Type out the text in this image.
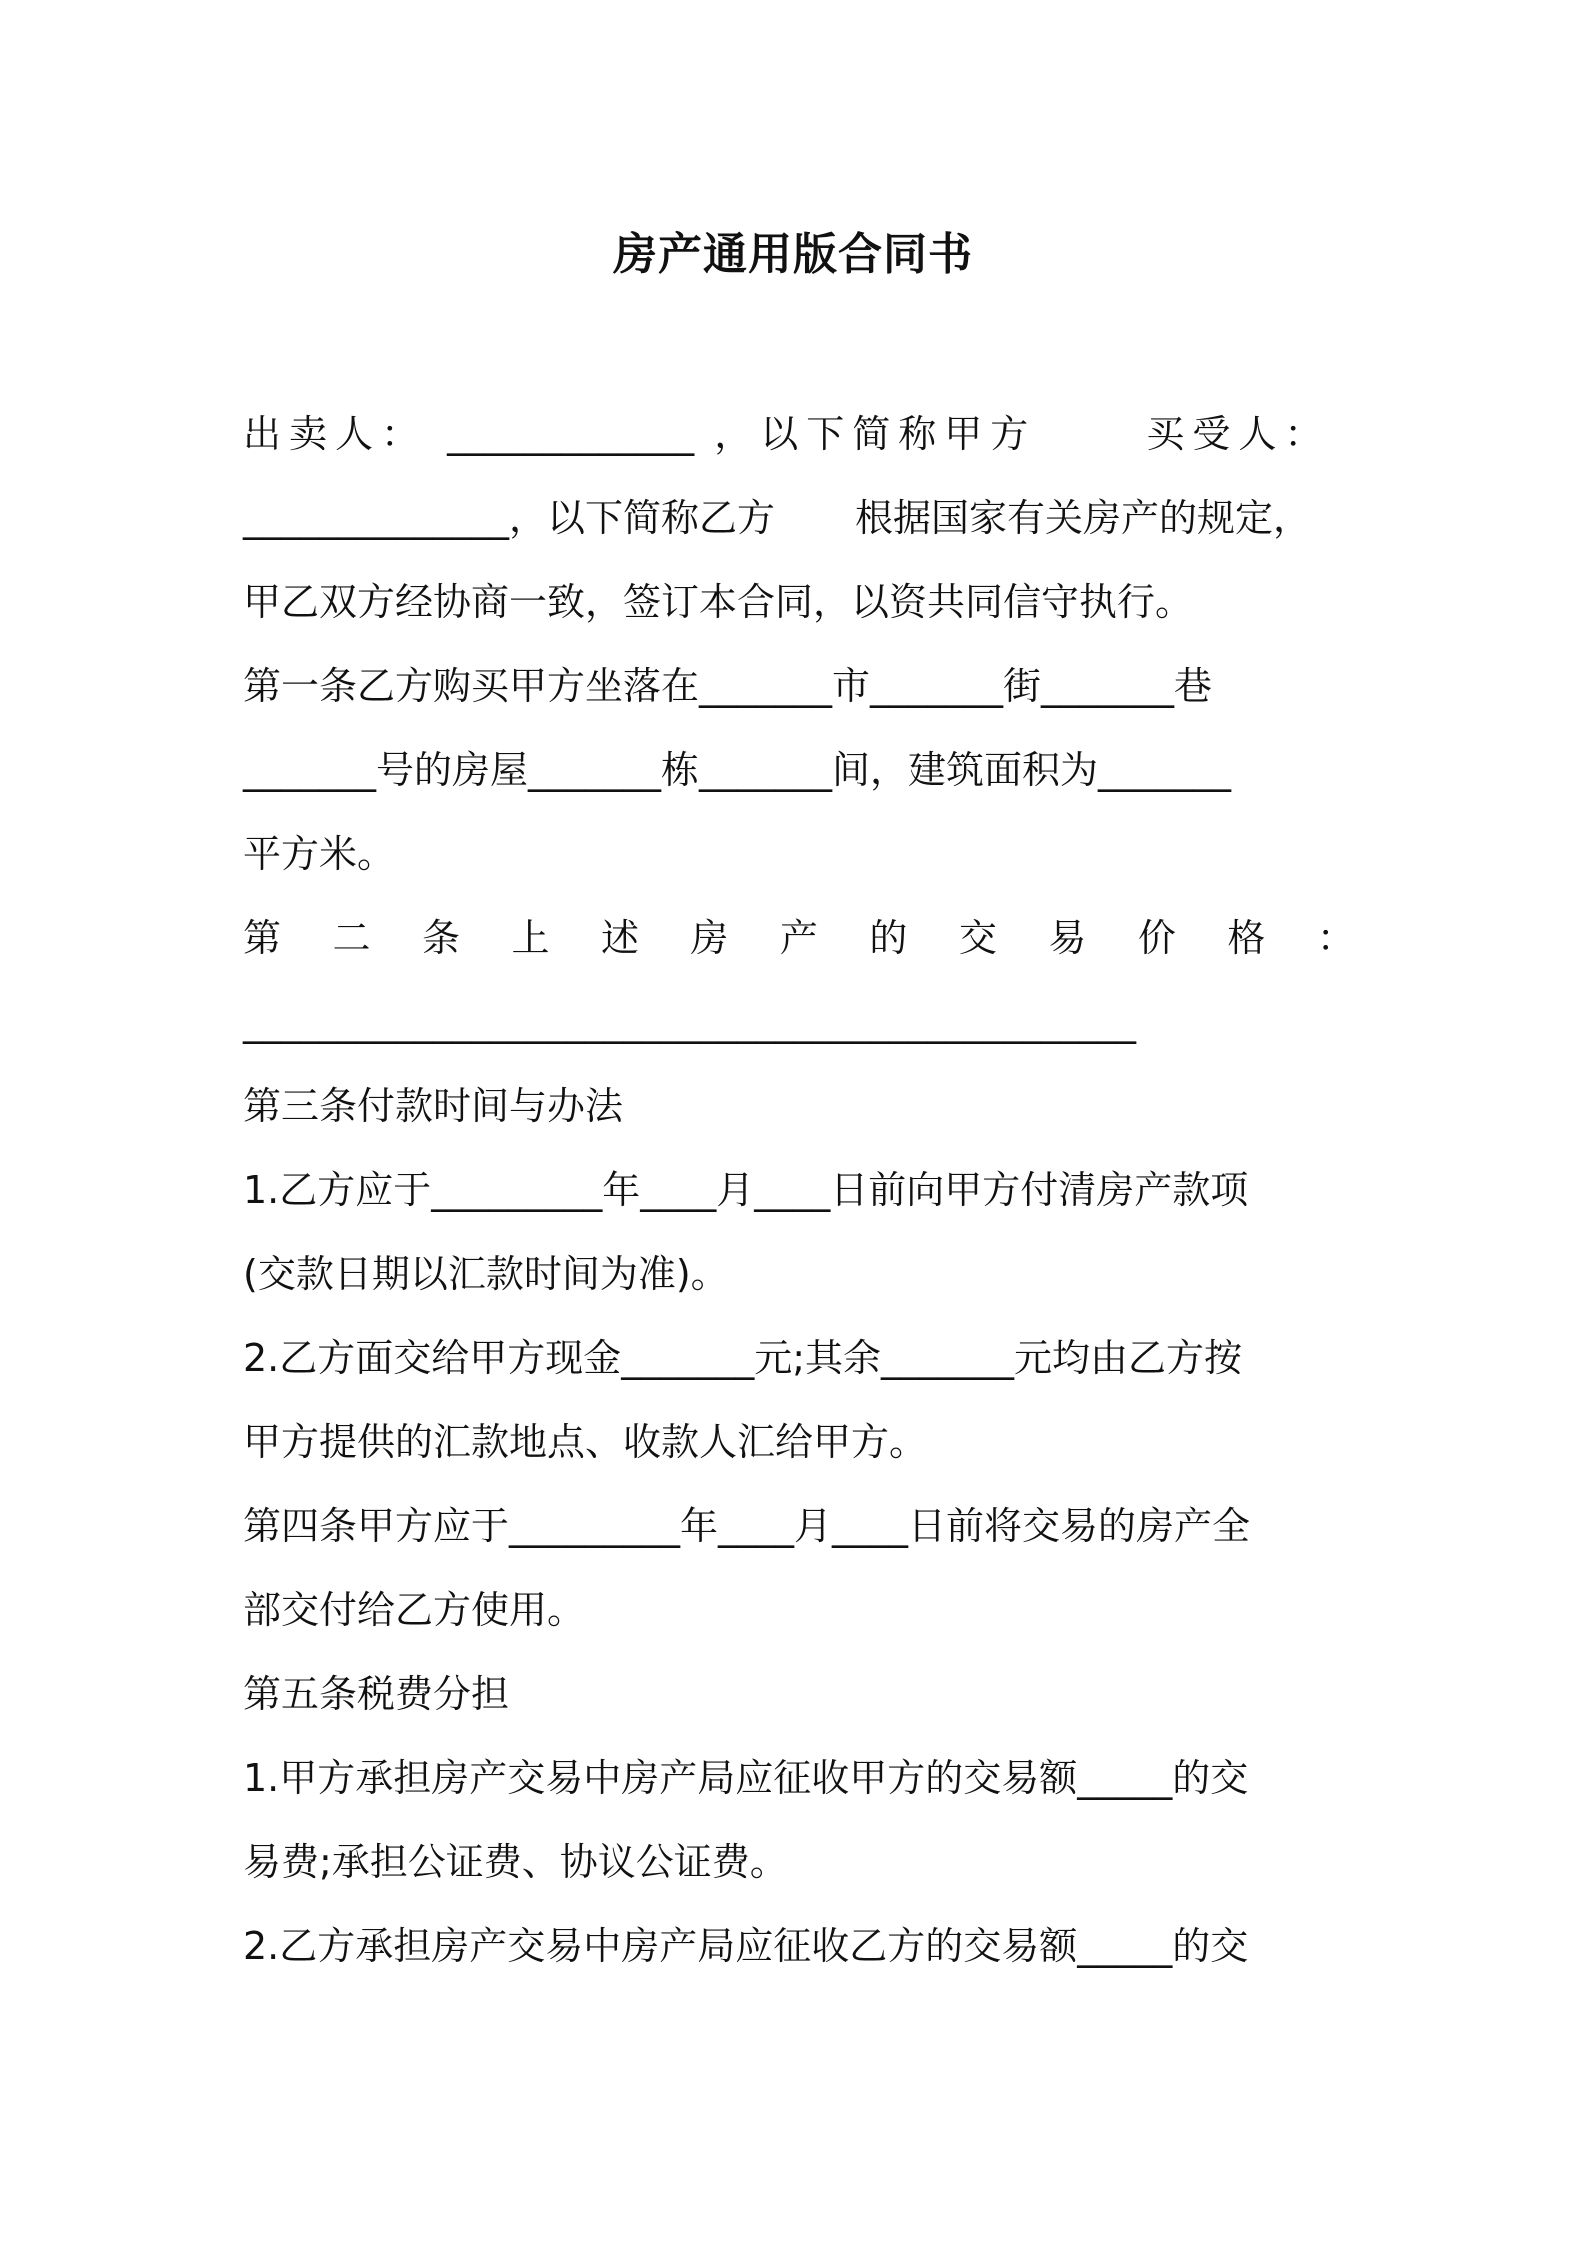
房产通用版合同书
出卖人： _____________ ，以下简称甲方	买受人：
______________，以下简称乙方 根据国家有关房产的规定，
甲乙双方经协商一致，签订本合同，以资共同信守执行。
第一条乙方购买甲方坐落在_______市_______街_______巷
_______号的房屋_______栋_______间，建筑面积为_______
平方米。
第 二 条 上 述 房 产 的 交 易 价 格 ：
_______________________________________________
第三条付款时间与办法
1.乙方应于_________年____月____日前向甲方付清房产款项
(交款日期以汇款时间为准)。
2.乙方面交给甲方现金_______元;其余_______元均由乙方按
甲方提供的汇款地点、收款人汇给甲方。
第四条甲方应于_________年____月____日前将交易的房产全
部交付给乙方使用。
第五条税费分担
1.甲方承担房产交易中房产局应征收甲方的交易额_____的交
易费;承担公证费、协议公证费。
2.乙方承担房产交易中房产局应征收乙方的交易额_____的交
